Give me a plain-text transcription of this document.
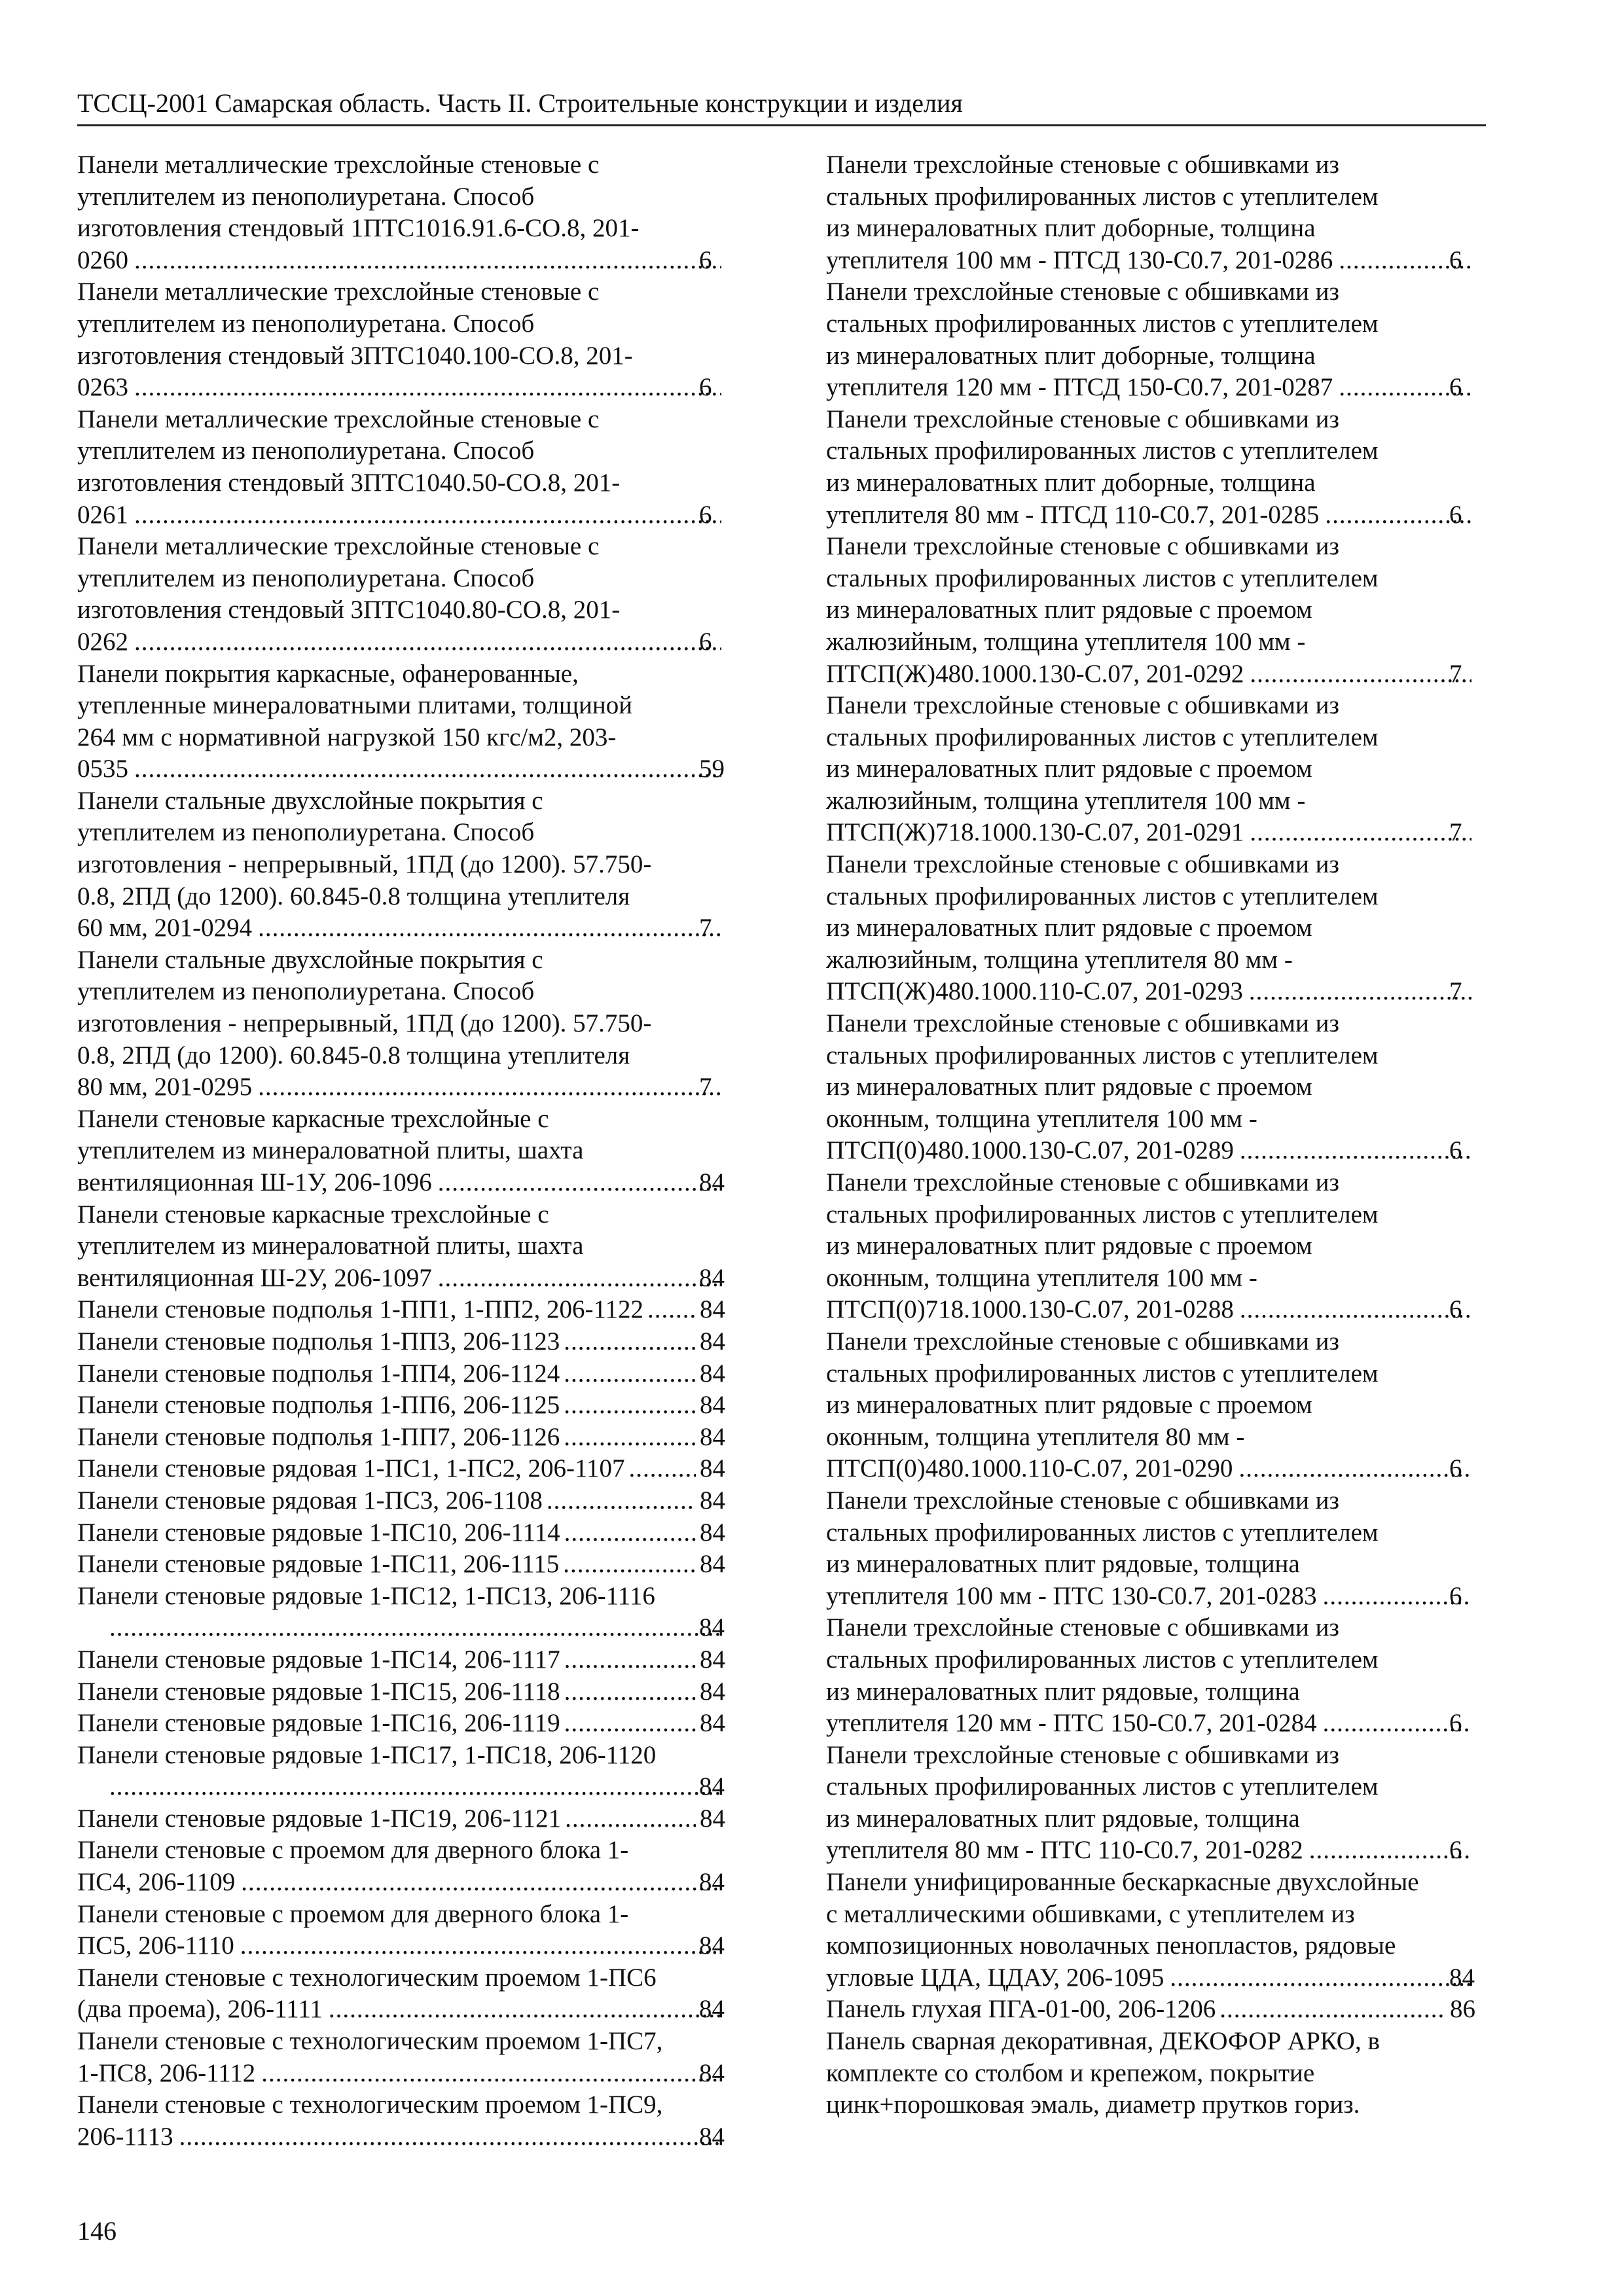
ТССЦ-2001 Самарская область. Часть II. Строительные конструкции и изделия
Панели металлические трехслойные стеновые с
утеплителем из пенополиуретана. Способ
изготовления стендовый 1ПТС1016.91.6-СО.8, 201-
0260 .....	6
Панели металлические трехслойные стеновые с
утеплителем из пенополиуретана. Способ
изготовления стендовый 3ПТС1040.100-СО.8, 201-
0263 .....	6
Панели металлические трехслойные стеновые с
утеплителем из пенополиуретана. Способ
изготовления стендовый 3ПТС1040.50-СО.8, 201-
0261 .....	6
Панели металлические трехслойные стеновые с
утеплителем из пенополиуретана. Способ
изготовления стендовый 3ПТС1040.80-СО.8, 201-
0262 .....	6
Панели покрытия каркасные, офанерованные,
утепленные минераловатными плитами, толщиной
264 мм с нормативной нагрузкой 150 кгс/м2, 203-
0535 .....	59
Панели стальные двухслойные покрытия с
утеплителем из пенополиуретана. Способ
изготовления - непрерывный, 1ПД (до 1200). 57.750-
0.8, 2ПД (до 1200). 60.845-0.8 толщина утеплителя
60 мм, 201-0294 .....	7
Панели стальные двухслойные покрытия с
утеплителем из пенополиуретана. Способ
изготовления - непрерывный, 1ПД (до 1200). 57.750-
0.8, 2ПД (до 1200). 60.845-0.8 толщина утеплителя
80 мм, 201-0295 .....	7
Панели стеновые каркасные трехслойные с
утеплителем из минераловатной плиты, шахта
вентиляционная Ш-1У, 206-1096 .....	84
Панели стеновые каркасные трехслойные с
утеплителем из минераловатной плиты, шахта
вентиляционная Ш-2У, 206-1097 .....	84
Панели стеновые подполья 1-ПП1, 1-ПП2, 206-1122 ..... 84
Панели стеновые подполья 1-ПП3, 206-1123 .....	84
Панели стеновые подполья 1-ПП4, 206-1124 .....	84
Панели стеновые подполья 1-ПП6, 206-1125 .....	84
Панели стеновые подполья 1-ПП7, 206-1126 .....	84
Панели стеновые рядовая 1-ПС1, 1-ПС2, 206-1107 .....	84
Панели стеновые рядовая 1-ПС3, 206-1108 .....	84
Панели стеновые рядовые 1-ПС10, 206-1114 .....	84
Панели стеновые рядовые 1-ПС11, 206-1115 .....	84
Панели стеновые рядовые 1-ПС12, 1-ПС13, 206-1116
.....
84
Панели стеновые рядовые 1-ПС14, 206-1117 .....	84
Панели стеновые рядовые 1-ПС15, 206-1118 .....	84
Панели стеновые рядовые 1-ПС16, 206-1119 .....	84
Панели стеновые рядовые 1-ПС17, 1-ПС18, 206-1120
.....
84
Панели стеновые рядовые 1-ПС19, 206-1121 .....	84
Панели стеновые с проемом для дверного блока 1-
ПС4, 206-1109 .....	84
Панели стеновые с проемом для дверного блока 1-
ПС5, 206-1110 .....	84
Панели стеновые с технологическим проемом 1-ПС6
(два проема), 206-1111 .....	84
Панели стеновые с технологическим проемом 1-ПС7,
1-ПС8, 206-1112 .....	84
Панели стеновые с технологическим проемом 1-ПС9,
206-1113 .....	84
Панели трехслойные стеновые с обшивками из
стальных профилированных листов с утеплителем
из минераловатных плит доборные, толщина
утеплителя 100 мм - ПТСД 130-С0.7, 201-0286 .....	6
Панели трехслойные стеновые с обшивками из
стальных профилированных листов с утеплителем
из минераловатных плит доборные, толщина
утеплителя 120 мм - ПТСД 150-С0.7, 201-0287 .....	6
Панели трехслойные стеновые с обшивками из
стальных профилированных листов с утеплителем
из минераловатных плит доборные, толщина
утеплителя 80 мм - ПТСД 110-С0.7, 201-0285 .....	6
Панели трехслойные стеновые с обшивками из
стальных профилированных листов с утеплителем
из минераловатных плит рядовые с проемом
жалюзийным, толщина утеплителя 100 мм -
ПТСП(Ж)480.1000.130-С.07, 201-0292 .....	7
Панели трехслойные стеновые с обшивками из
стальных профилированных листов с утеплителем
из минераловатных плит рядовые с проемом
жалюзийным, толщина утеплителя 100 мм -
ПТСП(Ж)718.1000.130-С.07, 201-0291 .....	7
Панели трехслойные стеновые с обшивками из
стальных профилированных листов с утеплителем
из минераловатных плит рядовые с проемом
жалюзийным, толщина утеплителя 80 мм -
ПТСП(Ж)480.1000.110-С.07, 201-0293 .....	7
Панели трехслойные стеновые с обшивками из
стальных профилированных листов с утеплителем
из минераловатных плит рядовые с проемом
оконным, толщина утеплителя 100 мм -
ПТСП(0)480.1000.130-С.07, 201-0289 .....	6
Панели трехслойные стеновые с обшивками из
стальных профилированных листов с утеплителем
из минераловатных плит рядовые с проемом
оконным, толщина утеплителя 100 мм -
ПТСП(0)718.1000.130-С.07, 201-0288 .....	6
Панели трехслойные стеновые с обшивками из
стальных профилированных листов с утеплителем
из минераловатных плит рядовые с проемом
оконным, толщина утеплителя 80 мм -
ПТСП(0)480.1000.110-С.07, 201-0290 .....	6
Панели трехслойные стеновые с обшивками из
стальных профилированных листов с утеплителем
из минераловатных плит рядовые, толщина
утеплителя 100 мм - ПТС 130-С0.7, 201-0283 .....	6
Панели трехслойные стеновые с обшивками из
стальных профилированных листов с утеплителем
из минераловатных плит рядовые, толщина
утеплителя 120 мм - ПТС 150-С0.7, 201-0284 .....	6
Панели трехслойные стеновые с обшивками из
стальных профилированных листов с утеплителем
из минераловатных плит рядовые, толщина
утеплителя 80 мм - ПТС 110-С0.7, 201-0282 .....	6
Панели унифицированные бескаркасные двухслойные
с металлическими обшивками, с утеплителем из
композиционных новолачных пенопластов, рядовые
угловые ЦДА, ЦДАУ, 206-1095 .....	84
Панель глухая ПГА-01-00, 206-1206 .....	86
Панель сварная декоративная, ДЕКОФОР АРКО, в
комплекте со столбом и крепежом, покрытие
цинк+порошковая эмаль, диаметр прутков гориз.
146
